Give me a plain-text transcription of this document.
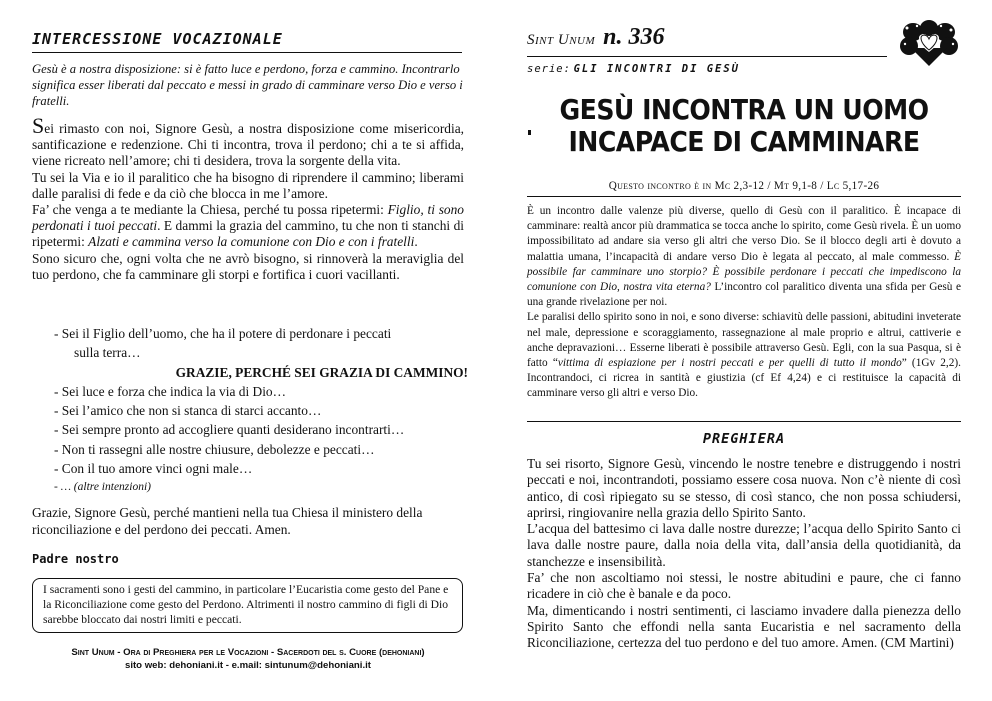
INTERCESSIONE VOCAZIONALE
Gesù è a nostra disposizione: si è fatto luce e perdono, forza e cammino. Incontrarlo significa esser liberati dal peccato e messi in grado di camminare verso Dio e verso i fratelli.
Sei rimasto con noi, Signore Gesù, a nostra disposizione come misericordia, santificazione e redenzione. Chi ti incontra, trova il perdono; chi a te si affida, viene ricreato nell’amore; chi ti desidera, trova la sorgente della vita.
Tu sei la Via e io il paralitico che ha bisogno di riprendere il cammino; liberami dalle paralisi di fede e da ciò che blocca in me l’amore.
Fa’ che venga a te mediante la Chiesa, perché tu possa ripetermi: Figlio, ti sono perdonati i tuoi peccati. E dammi la grazia del cammino, tu che non ti stanchi di ripetermi: Alzati e cammina verso la comunione con Dio e con i fratelli.
Sono sicuro che, ogni volta che ne avrò bisogno, si rinnoverà la meraviglia del tuo perdono, che fa camminare gli storpi e fortifica i cuori vacillanti.
- Sei il Figlio dell’uomo, che ha il potere di perdonare i peccati
sulla terra…
GRAZIE, PERCHÉ SEI GRAZIA DI CAMMINO!
- Sei luce e forza che indica la via di Dio…
- Sei l’amico che non si stanca di starci accanto…
- Sei sempre pronto ad accogliere quanti desiderano incontrarti…
- Non ti rassegni alle nostre chiusure, debolezze e peccati…
- Con il tuo amore vinci ogni male…
- … (altre intenzioni)
Grazie, Signore Gesù, perché mantieni nella tua Chiesa il ministero della riconciliazione e del perdono dei peccati. Amen.
Padre nostro
I sacramenti sono i gesti del cammino, in particolare l’Eucaristia come gesto del Pane e la Riconciliazione come gesto del Perdono. Altrimenti il nostro cammino di figli di Dio sarebbe bloccato dai nostri limiti e peccati.
Sint Unum - Ora di Preghiera per le Vocazioni - Sacerdoti del s. Cuore (dehoniani)
sito web: dehoniani.it - e.mail: sintunum@dehoniani.it
Sint Unum n. 336
serie: GLI INCONTRI DI GESÙ
GESÙ INCONTRA UN UOMO
INCAPACE DI CAMMINARE
Questo incontro è in Mc 2,3-12 / Mt 9,1-8 / Lc 5,17-26
È un incontro dalle valenze più diverse, quello di Gesù con il paralitico. È incapace di camminare: realtà ancor più drammatica se tocca anche lo spirito, come Gesù rivela. È un uomo impossibilitato ad andare sia verso gli altri che verso Dio. Se il blocco degli arti è dovuto a malattia umana, l’incapacità di andare verso Dio è legata al peccato, al male commesso. È possibile far camminare uno storpio? È possibile perdonare i peccati che impediscono la comunione con Dio, nostra vita eterna? L’incontro col paralitico diventa una sfida per Gesù e una grande rivelazione per noi.
Le paralisi dello spirito sono in noi, e sono diverse: schiavitù delle passioni, abitudini inveterate nel male, depressione e scoraggiamento, rassegnazione al male proprio e altrui, cattiverie e anche depravazioni… Esserne liberati è possibile attraverso Gesù. Egli, con la sua Pasqua, si è fatto “vittima di espiazione per i nostri peccati e per quelli di tutto il mondo” (1Gv 2,2). Incontrandoci, ci ricrea in santità e giustizia (cf Ef 4,24) e ci restituisce la capacità di camminare verso gli altri e verso Dio.
PREGHIERA
Tu sei risorto, Signore Gesù, vincendo le nostre tenebre e distruggendo i nostri peccati e noi, incontrandoti, possiamo essere cosa nuova. Non c’è niente di così antico, di così ripiegato su se stesso, di così stanco, che non possa schiudersi, aprirsi, ringiovanire nella grazia dello Spirito Santo.
L’acqua del battesimo ci lava dalle nostre durezze; l’acqua dello Spirito Santo ci lava dalle nostre paure, dalla noia della vita, dall’ansia della quotidianità, da stanchezze e insensibilità.
Fa’ che non ascoltiamo noi stessi, le nostre abitudini e paure, che ci fanno ricadere in ciò che è banale e da poco.
Ma, dimenticando i nostri sentimenti, ci lasciamo invadere dalla pienezza dello Spirito Santo che effondi nella santa Eucaristia e nel sacramento della Riconciliazione, certezza del tuo perdono e del tuo amore. Amen. (CM Martini)
